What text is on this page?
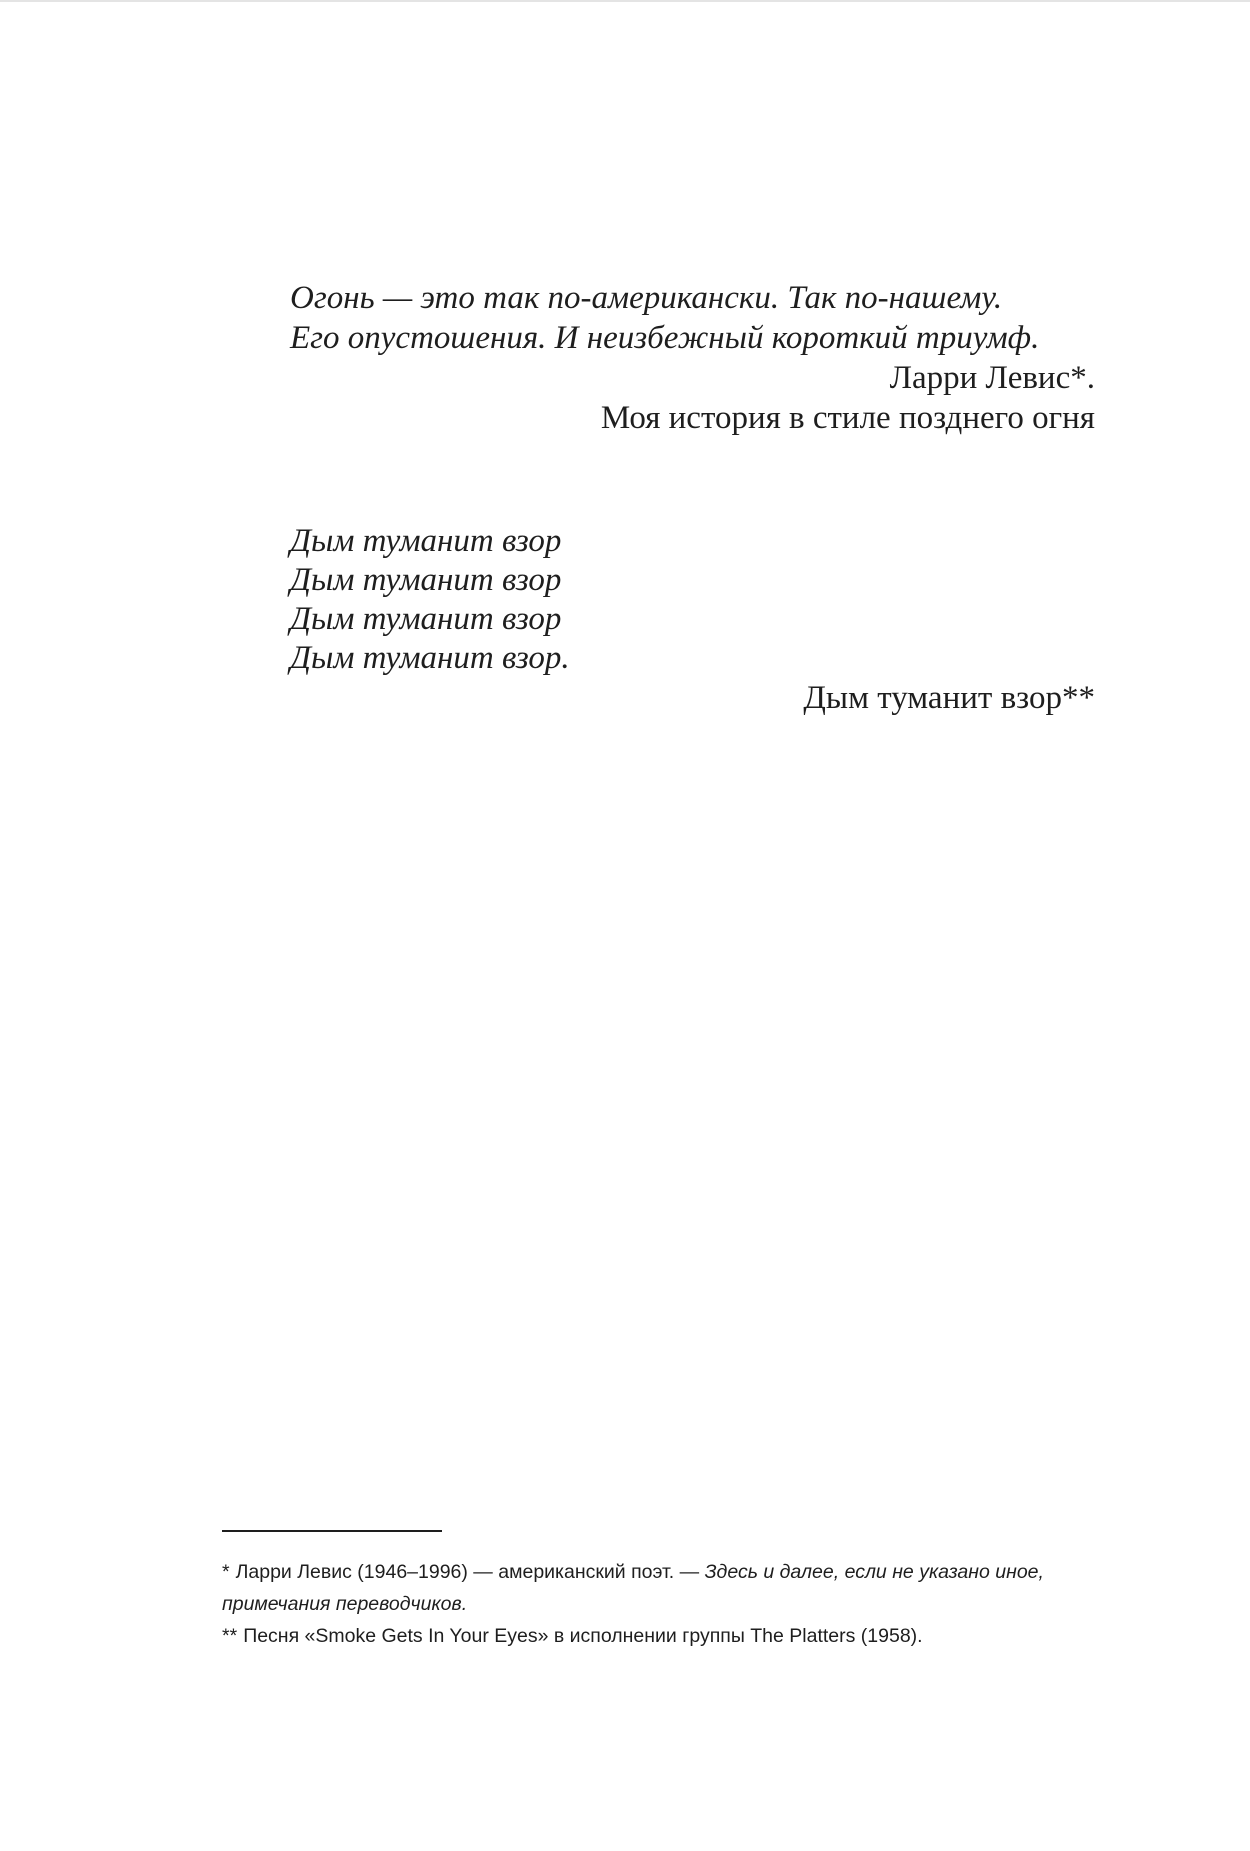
Огонь — это так по-американски. Так по-нашему.
Его опустошения. И неизбежный короткий триумф.
Ларри Левис*.
Моя история в стиле позднего огня
Дым туманит взор
Дым туманит взор
Дым туманит взор
Дым туманит взор.
Дым туманит взор**
* Ларри Левис (1946–1996) — американский поэт. — Здесь и далее, если не указано иное, примечания переводчиков.
** Песня «Smoke Gets In Your Eyes» в исполнении группы The Platters (1958).
